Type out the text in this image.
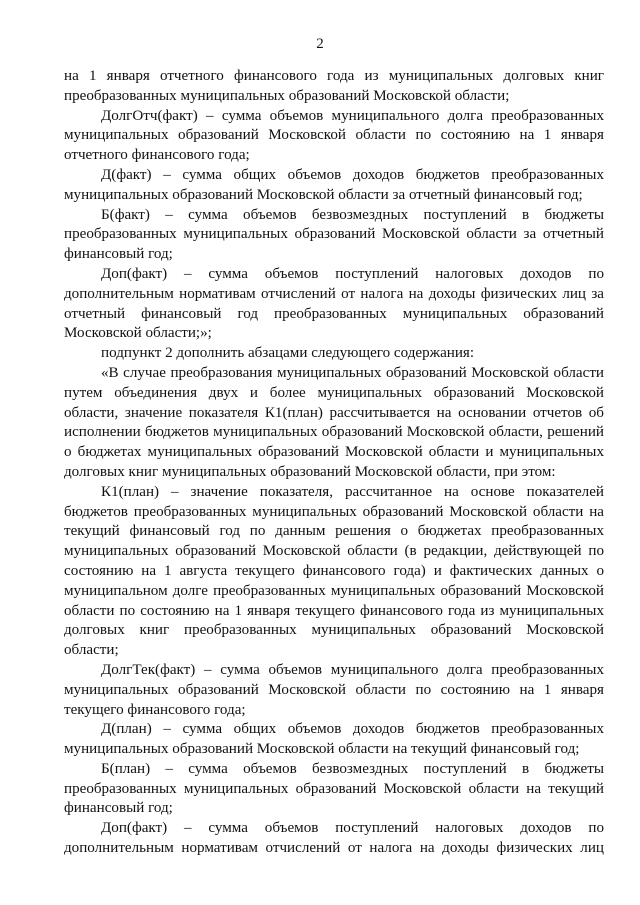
2

на 1 января отчетного финансового года из муниципальных долговых книг преобразованных муниципальных образований Московской области;

ДолгОтч(факт) – сумма объемов муниципального долга преобразованных муниципальных образований Московской области по состоянию на 1 января отчетного финансового года;

Д(факт) – сумма общих объемов доходов бюджетов преобразованных муниципальных образований Московской области за отчетный финансовый год;

Б(факт) – сумма объемов безвозмездных поступлений в бюджеты преобразованных муниципальных образований Московской области за отчетный финансовый год;

Доп(факт) – сумма объемов поступлений налоговых доходов по дополнительным нормативам отчислений от налога на доходы физических лиц за отчетный финансовый год преобразованных муниципальных образований Московской области;»;

подпункт 2 дополнить абзацами следующего содержания:

«В случае преобразования муниципальных образований Московской области путем объединения двух и более муниципальных образований Московской области, значение показателя К1(план) рассчитывается на основании отчетов об исполнении бюджетов муниципальных образований Московской области, решений о бюджетах муниципальных образований Московской области и муниципальных долговых книг муниципальных образований Московской области, при этом:

К1(план) – значение показателя, рассчитанное на основе показателей бюджетов преобразованных муниципальных образований Московской области на текущий финансовый год по данным решения о бюджетах преобразованных муниципальных образований Московской области (в редакции, действующей по состоянию на 1 августа текущего финансового года) и фактических данных о муниципальном долге преобразованных муниципальных образований Московской области по состоянию на 1 января текущего финансового года из муниципальных долговых книг преобразованных муниципальных образований Московской области;

ДолгТек(факт) – сумма объемов муниципального долга преобразованных муниципальных образований Московской области по состоянию на 1 января текущего финансового года;

Д(план) – сумма общих объемов доходов бюджетов преобразованных муниципальных образований Московской области на текущий финансовый год;

Б(план) – сумма объемов безвозмездных поступлений в бюджеты преобразованных муниципальных образований Московской области на текущий финансовый год;

Доп(факт) – сумма объемов поступлений налоговых доходов по дополнительным нормативам отчислений от налога на доходы физических лиц
